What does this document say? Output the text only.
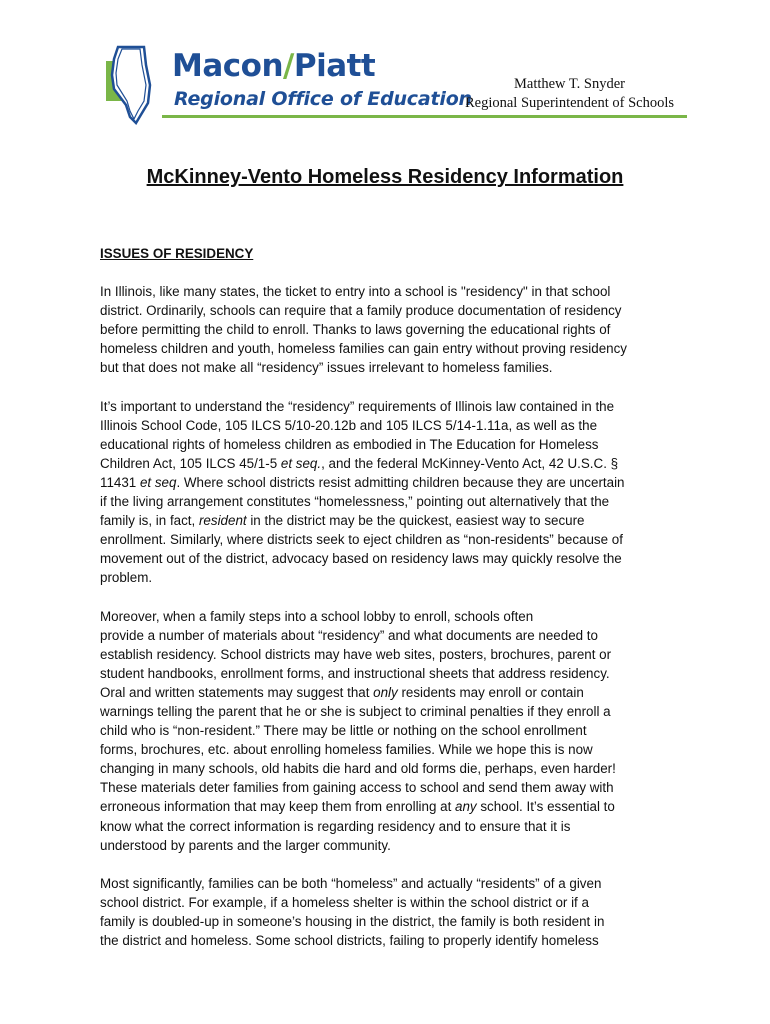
Macon/Piatt
Regional Office of Education
Matthew T. Snyder
Regional Superintendent of Schools
McKinney-Vento Homeless Residency Information
ISSUES OF RESIDENCY

In Illinois, like many states, the ticket to entry into a school is "residency" in that school
district. Ordinarily, schools can require that a family produce documentation of residency
before permitting the child to enroll. Thanks to laws governing the educational rights of
homeless children and youth, homeless families can gain entry without proving residency
but that does not make all “residency” issues irrelevant to homeless families.

It’s important to understand the “residency” requirements of Illinois law contained in the
Illinois School Code, 105 ILCS 5/10-20.12b and 105 ILCS 5/14-1.11a, as well as the
educational rights of homeless children as embodied in The Education for Homeless
Children Act, 105 ILCS 45/1-5 et seq., and the federal McKinney-Vento Act, 42 U.S.C. §
11431 et seq. Where school districts resist admitting children because they are uncertain
if the living arrangement constitutes “homelessness,” pointing out alternatively that the
family is, in fact, resident in the district may be the quickest, easiest way to secure
enrollment. Similarly, where districts seek to eject children as “non-residents” because of
movement out of the district, advocacy based on residency laws may quickly resolve the
problem.

Moreover, when a family steps into a school lobby to enroll, schools often
provide a number of materials about “residency” and what documents are needed to
establish residency. School districts may have web sites, posters, brochures, parent or
student handbooks, enrollment forms, and instructional sheets that address residency.
Oral and written statements may suggest that only residents may enroll or contain
warnings telling the parent that he or she is subject to criminal penalties if they enroll a
child who is “non-resident.” There may be little or nothing on the school enrollment
forms, brochures, etc. about enrolling homeless families. While we hope this is now
changing in many schools, old habits die hard and old forms die, perhaps, even harder!
These materials deter families from gaining access to school and send them away with
erroneous information that may keep them from enrolling at any school. It’s essential to
know what the correct information is regarding residency and to ensure that it is
understood by parents and the larger community.

Most significantly, families can be both “homeless” and actually “residents” of a given
school district. For example, if a homeless shelter is within the school district or if a
family is doubled-up in someone’s housing in the district, the family is both resident in
the district and homeless. Some school districts, failing to properly identify homeless
